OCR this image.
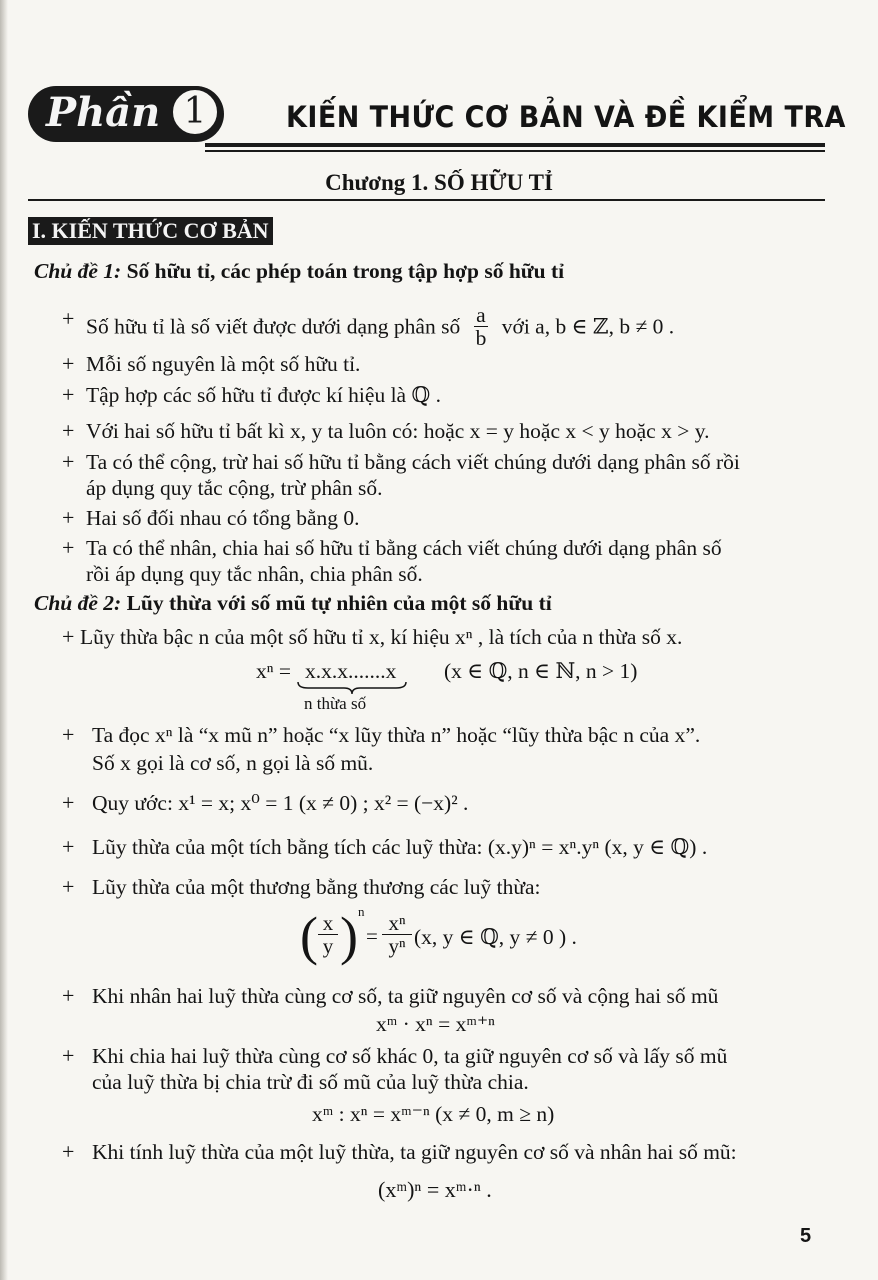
Phần 1	KIẾN THỨC CƠ BẢN VÀ ĐỀ KIỂM TRA
Chương 1. SỐ HỮU TỈ
I. KIẾN THỨC CƠ BẢN
Chủ đề 1: Số hữu tỉ, các phép toán trong tập hợp số hữu tỉ
+ Số hữu tỉ là số viết được dưới dạng phân số $\frac{a}{b}$ với a, b ∈ ℤ, b ≠ 0 .
+ Mỗi số nguyên là một số hữu tỉ.
+ Tập hợp các số hữu tỉ được kí hiệu là ℚ .
+ Với hai số hữu tỉ bất kì x, y ta luôn có: hoặc x = y hoặc x < y hoặc x > y.
+ Ta có thể cộng, trừ hai số hữu tỉ bằng cách viết chúng dưới dạng phân số rồi
áp dụng quy tắc cộng, trừ phân số.
+ Hai số đối nhau có tổng bằng 0.
+ Ta có thể nhân, chia hai số hữu tỉ bằng cách viết chúng dưới dạng phân số
rồi áp dụng quy tắc nhân, chia phân số.
Chủ đề 2: Lũy thừa với số mũ tự nhiên của một số hữu tỉ
+ Lũy thừa bậc n của một số hữu tỉ x, kí hiệu xⁿ , là tích của n thừa số x.
xⁿ = x.x.x.......x (x ∈ ℚ, n ∈ ℕ, n > 1)
n thừa số
+ Ta đọc xⁿ là “x mũ n” hoặc “x lũy thừa n” hoặc “lũy thừa bậc n của x”.
Số x gọi là cơ số, n gọi là số mũ.
+ Quy ước: x¹ = x; x⁰ = 1 (x ≠ 0) ; x² = (−x)² .
+ Lũy thừa của một tích bằng tích các luỹ thừa: (x.y)ⁿ = xⁿ.yⁿ (x, y ∈ ℚ) .
+ Lũy thừa của một thương bằng thương các luỹ thừa:
( $\frac{x}{y}$ ) n
= $\frac{\text{xⁿ}}{\text{yⁿ}} (x$, y ∈ ℚ, y ≠ 0 ) .
+ Khi nhân hai luỹ thừa cùng cơ số, ta giữ nguyên cơ số và cộng hai số mũ
xᵐ · xⁿ = xᵐ⁺ⁿ
+ Khi chia hai luỹ thừa cùng cơ số khác 0, ta giữ nguyên cơ số và lấy số mũ
của luỹ thừa bị chia trừ đi số mũ của luỹ thừa chia.
xᵐ : xⁿ = xᵐ⁻ⁿ (x ≠ 0, m ≥ n)
+ Khi tính luỹ thừa của một luỹ thừa, ta giữ nguyên cơ số và nhân hai số mũ:
(xᵐ)ⁿ = xᵐ·ⁿ .
5
